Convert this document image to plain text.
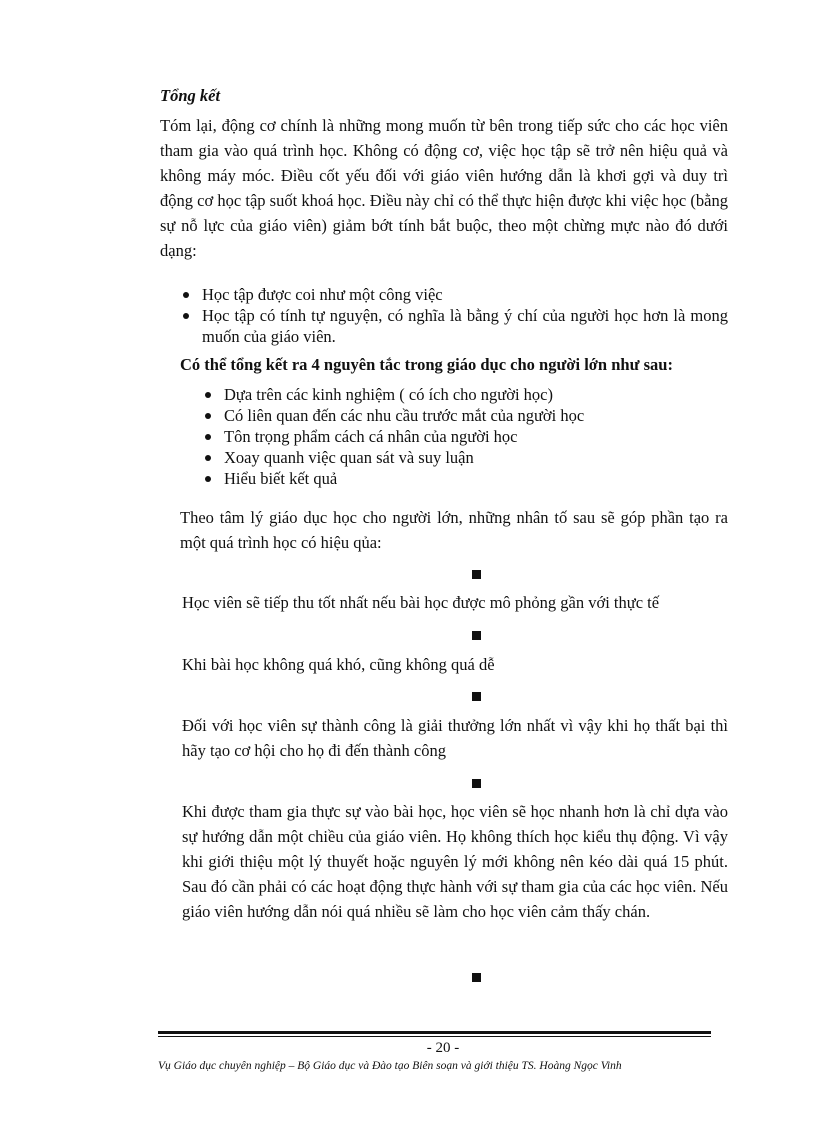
Tổng kết
Tóm lại, động cơ chính là những mong muốn từ bên trong tiếp sức cho các học viên tham gia vào quá trình học. Không có động cơ, việc học tập sẽ trở nên hiệu quả và không máy móc. Điều cốt yếu đối với giáo viên hướng dẫn là khơi gợi và duy trì động cơ học tập suốt khoá học. Điều này chỉ có thể thực hiện được khi việc học (bằng sự nỗ lực của giáo viên) giảm bớt tính bắt buộc, theo một chừng mực nào đó dưới dạng:
Học tập được coi như một công việc
Học tập có tính tự nguyện, có nghĩa là bằng ý chí của người học hơn là mong muốn của giáo viên.
Có thể tổng kết ra 4 nguyên tắc trong giáo dục cho người lớn như sau:
Dựa trên các kinh nghiệm ( có ích cho người học)
Có liên quan đến các nhu cầu trước mắt của người học
Tôn trọng phẩm cách cá nhân của người học
Xoay quanh việc quan sát và suy luận
Hiểu biết kết quả
Theo tâm lý giáo dục học cho người lớn, những nhân tố sau sẽ góp phần tạo ra một quá trình học có hiệu qủa:
Học viên sẽ tiếp thu tốt nhất nếu bài học được mô phỏng gần với thực tế
Khi bài học không quá khó, cũng không quá dễ
Đối với học viên sự thành công là giải thưởng lớn nhất vì vậy khi họ thất bại thì hãy tạo cơ hội cho họ đi đến thành công
Khi được tham gia thực sự vào bài học, học viên sẽ học nhanh hơn là chỉ dựa vào sự hướng dẫn một chiều của giáo viên. Họ không thích học kiểu thụ động. Vì vậy khi giới thiệu một lý thuyết hoặc nguyên lý mới không nên kéo dài quá 15 phút. Sau đó cần phải có các hoạt động thực hành với sự tham gia của các học viên. Nếu giáo viên hướng dẫn nói quá nhiều sẽ làm cho học viên cảm thấy chán.
- 20 -
Vụ Giáo dục chuyên nghiệp – Bộ Giáo dục và Đào tạo Biên soạn và giới thiệu TS. Hoàng Ngọc Vinh
